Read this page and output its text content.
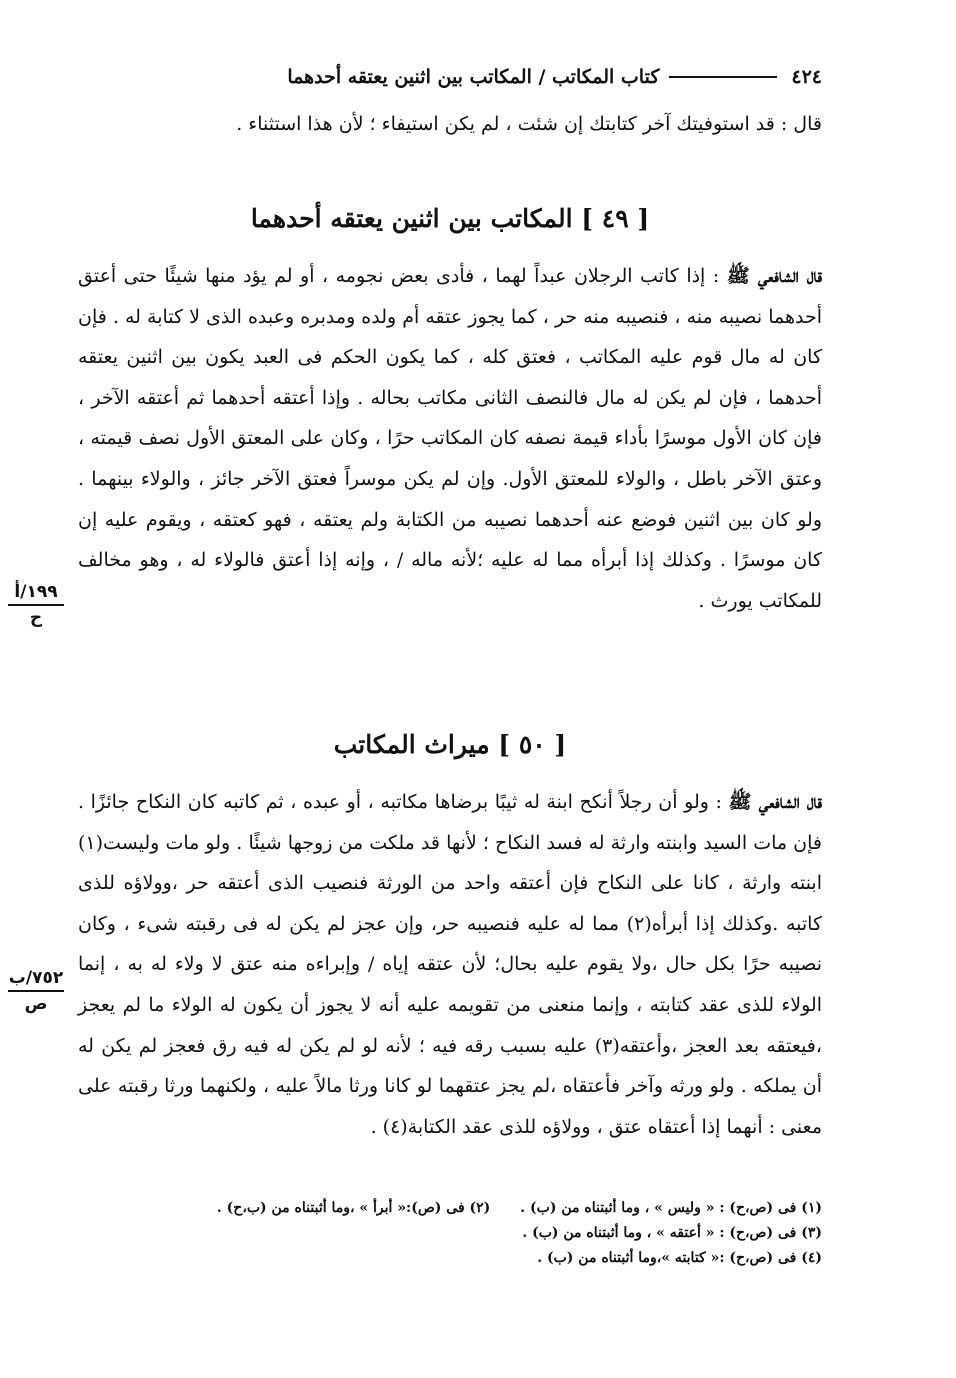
٤٢٤
كتاب المكاتب / المكاتب بين اثنين يعتقه أحدهما

قال : قد استوفيتك آخر كتابتك إن شئت ، لم يكن استيفاء ؛ لأن هذا استثناء .

[ ٤٩ ] المكاتب بين اثنين يعتقه أحدهما

قال الشافعي ﷺ : إذا كاتب الرجلان عبداً لهما ، فأدى بعض نجومه ، أو لم يؤد منها شيئًا حتى أعتق أحدهما نصيبه منه ، فنصيبه منه حر ، كما يجوز عتقه أم ولده ومدبره وعبده الذى لا كتابة له . فإن كان له مال قوم عليه المكاتب ، فعتق كله ، كما يكون الحكم فى العبد يكون بين اثنين يعتقه أحدهما ، فإن لم يكن له مال فالنصف الثانى مكاتب بحاله . وإذا أعتقه أحدهما ثم أعتقه الآخر ، فإن كان الأول موسرًا بأداء قيمة نصفه كان المكاتب حرًا ، وكان على المعتق الأول نصف قيمته ، وعتق الآخر باطل ، والولاء للمعتق الأول. وإن لم يكن موسراً فعتق الآخر جائز ، والولاء بينهما . ولو كان بين اثنين فوضع عنه أحدهما نصيبه من الكتابة ولم يعتقه ، فهو كعتقه ، ويقوم عليه إن كان موسرًا . وكذلك إذا أبرأه مما له عليه ؛لأنه ماله / ، وإنه إذا أعتق فالولاء له ، وهو مخالف للمكاتب يورث .

١٩٩/أ
ح
[ ٥٠ ] ميراث المكاتب

قال الشافعي ﷺ : ولو أن رجلاً أنكح ابنة له ثيبًا برضاها مكاتبه ، أو عبده ، ثم كاتبه كان النكاح جائزًا . فإن مات السيد وابنته وارثة له فسد النكاح ؛ لأنها قد ملكت من زوجها شيئًا . ولو مات وليست(١) ابنته وارثة ، كانا على النكاح فإن أعتقه واحد من الورثة فنصيب الذى أعتقه حر ،وولاؤه للذى كاتبه .وكذلك إذا أبرأه(٢) مما له عليه فنصيبه حر، وإن عجز لم يكن له فى رقبته شىء ، وكان نصيبه حرًا بكل حال ،ولا يقوم عليه بحال؛ لأن عتقه إياه / وإبراءه منه عتق لا ولاء له به ، إنما الولاء للذى عقد كتابته ، وإنما منعنى من تقويمه عليه أنه لا يجوز أن يكون له الولاء ما لم يعجز ،فيعتقه بعد العجز ،وأعتقه(٣) عليه بسبب رقه فيه ؛ لأنه لو لم يكن له فيه رق فعجز لم يكن له أن يملكه . ولو ورثه وآخر فأعتقاه ،لم يجز عتقهما لو كانا ورثا مالاً عليه ، ولكنهما ورثا رقبته على معنى : أنهما إذا أعتقاه عتق ، وولاؤه للذى عقد الكتابة(٤) .

٧٥٢/ب
ص
(١) فى (ص،ح) : « وليس » ، وما أثبتناه من (ب) .
(٢) فى (ص):« أبرأ » ،وما أثبتناه من (ب،ح) .
(٣) فى (ص،ح) : « أعتقه » ، وما أثبتناه من (ب) .
(٤) فى (ص،ح) :« كتابته »،وما أثبتناه من (ب) .
